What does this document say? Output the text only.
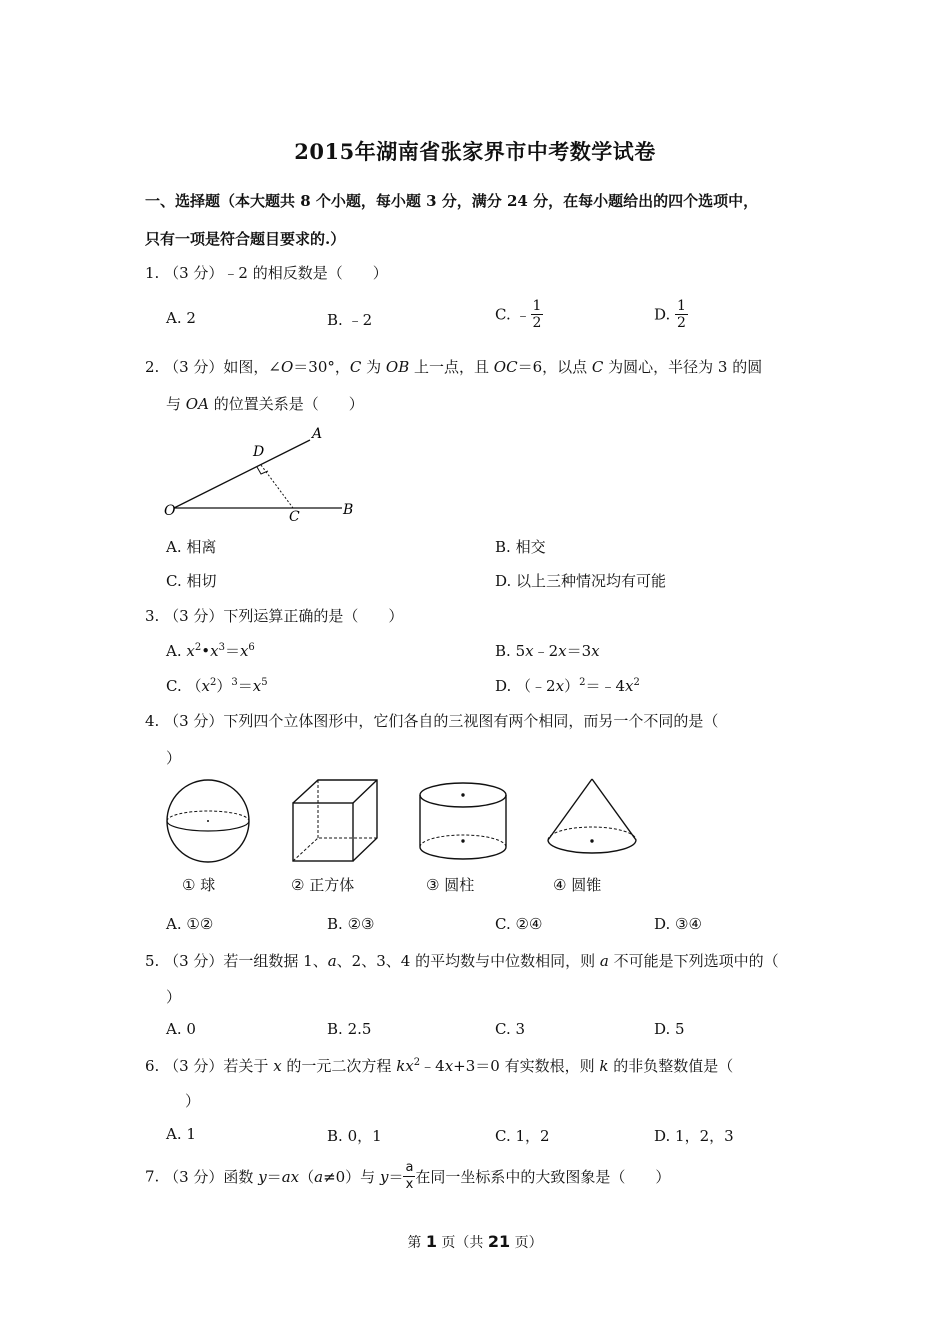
2015年湖南省张家界市中考数学试卷
一、选择题（本大题共 8 个小题，每小题 3 分，满分 24 分，在每小题给出的四个选项中，
只有一项是符合题目要求的.）
1. （3 分）﹣2 的相反数是（　　）
A. 2	B. ﹣2	C. ﹣ $\frac{1}{2}$	D. $\frac{1}{2}$
2. （3 分）如图，∠O＝30°，C 为 OB 上一点，且 OC＝6，以点 C 为圆心，半径为 3 的圆
与 OA 的位置关系是（　　）
A
B
C
D
O
A. 相离	B. 相交
C. 相切	D. 以上三种情况均有可能
3. （3 分）下列运算正确的是（　　）
A. $x^2•x^3=x^6$	B. 5x﹣2x＝3x
C. $(x^2)^3=x^5$	D. $(﹣2x)^2=﹣4x^2$
4. （3 分）下列四个立体图形中，它们各自的三视图有两个相同，而另一个不同的是（
）
① 球	② 正方体	③ 圆柱	④ 圆锥
A. ①②	B. ②③	C. ②④	D. ③④
5. （3 分）若一组数据 1、a、2、3、4 的平均数与中位数相同，则 a 不可能是下列选项中的（
）
A. 0	B. 2.5	C. 3	D. 5
6. （3 分）若关于 x 的一元二次方程 $kx^2﹣4x+3=0$ 有实数根，则 k 的非负整数值是（
）
A. 1	B. 0，1	C. 1，2	D. 1，2，3
7. （3 分）函数 y＝ax（a≠0）与 $y= \frac{a}{x}$ 在同一坐标系中的大致图象是（　　）
第 1 页（共 21 页）
